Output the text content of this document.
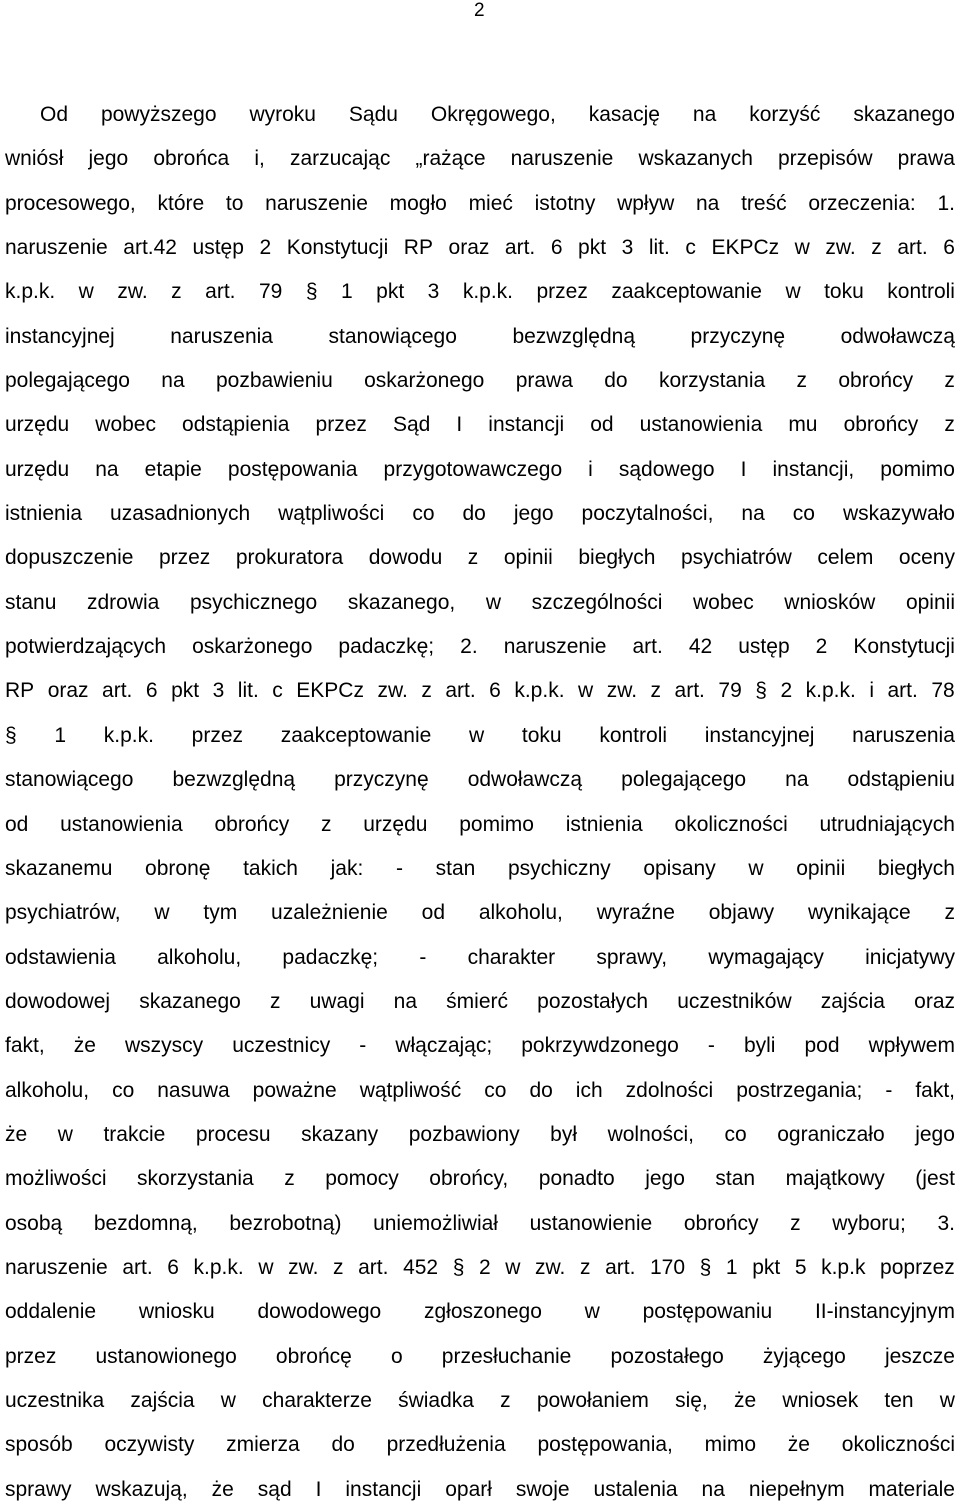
2
Od powyższego wyroku Sądu Okręgowego, kasację na korzyść skazanego
wniósł jego obrońca i, zarzucając „rażące naruszenie wskazanych przepisów prawa
procesowego, które to naruszenie mogło mieć istotny wpływ na treść orzeczenia: 1.
naruszenie art.42 ustęp 2 Konstytucji RP oraz art. 6 pkt 3 lit. c EKPCz w zw. z art. 6
k.p.k. w zw. z art. 79 § 1 pkt 3 k.p.k. przez zaakceptowanie w toku kontroli
instancyjnej	naruszenia	stanowiącego	bezwzględną	przyczynę	odwoławczą
polegającego na pozbawieniu oskarżonego prawa do korzystania z obrońcy z
urzędu wobec odstąpienia przez Sąd I instancji od ustanowienia mu obrońcy z
urzędu na etapie postępowania przygotowawczego i sądowego I instancji, pomimo
istnienia uzasadnionych wątpliwości co do jego poczytalności, na co wskazywało
dopuszczenie przez prokuratora dowodu z opinii biegłych psychiatrów celem oceny
stanu zdrowia psychicznego skazanego, w szczególności wobec wniosków opinii
potwierdzających oskarżonego padaczkę; 2. naruszenie art. 42 ustęp 2 Konstytucji
RP oraz art. 6 pkt 3 lit. c EKPCz zw. z art. 6 k.p.k. w zw. z art. 79 § 2 k.p.k. i art. 78
§ 1 k.p.k. przez zaakceptowanie w toku kontroli instancyjnej naruszenia
stanowiącego bezwzględną przyczynę odwoławczą polegającego na odstąpieniu
od ustanowienia obrońcy z urzędu pomimo istnienia okoliczności utrudniających
skazanemu obronę takich jak: - stan psychiczny opisany w opinii biegłych
psychiatrów, w tym uzależnienie od alkoholu, wyraźne objawy wynikające z
odstawienia alkoholu, padaczkę; - charakter sprawy, wymagający inicjatywy
dowodowej skazanego z uwagi na śmierć pozostałych uczestników zajścia oraz
fakt, że wszyscy uczestnicy - włączając; pokrzywdzonego - byli pod wpływem
alkoholu, co nasuwa poważne wątpliwość co do ich zdolności postrzegania; - fakt,
że w trakcie procesu skazany pozbawiony był wolności, co ograniczało jego
możliwości skorzystania z pomocy obrońcy, ponadto jego stan majątkowy (jest
osobą bezdomną, bezrobotną) uniemożliwiał ustanowienie obrońcy z wyboru; 3.
naruszenie art. 6 k.p.k. w zw. z art. 452 § 2 w zw. z art. 170 § 1 pkt 5 k.p.k poprzez
oddalenie wniosku dowodowego zgłoszonego w postępowaniu II-instancyjnym
przez ustanowionego obrońcę o przesłuchanie pozostałego żyjącego jeszcze
uczestnika zajścia w charakterze świadka z powołaniem się, że wniosek ten w
sposób oczywisty zmierza do przedłużenia postępowania, mimo że okoliczności
sprawy wskazują, że sąd I instancji oparł swoje ustalenia na niepełnym materiale
